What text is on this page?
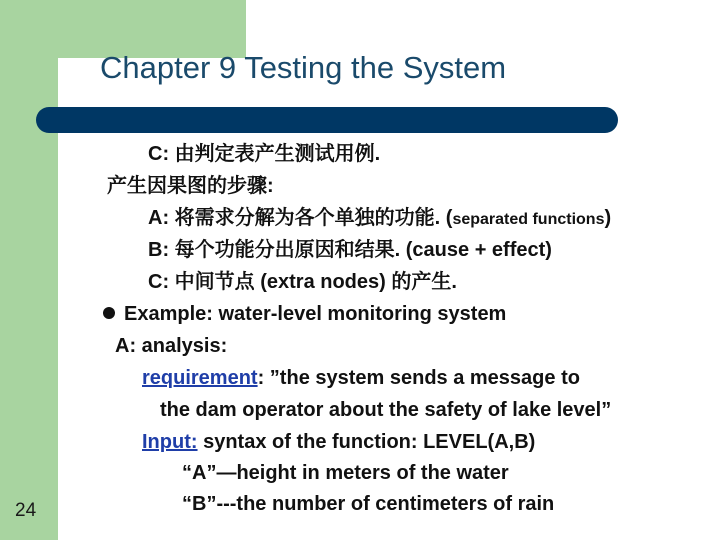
Chapter 9 Testing the System
C: 由判定表产生测试用例.
产生因果图的步骤:
A: 将需求分解为各个单独的功能. (separated functions)
B: 每个功能分出原因和结果. (cause + effect)
C: 中间节点 (extra nodes) 的产生.
Example: water-level monitoring system
A: analysis:
requirement: ”the system sends a message to
the dam operator about the safety of lake level”
Input: syntax of the function: LEVEL(A,B)
“A”—height in meters of the water
“B”---the number of centimeters of rain
24
